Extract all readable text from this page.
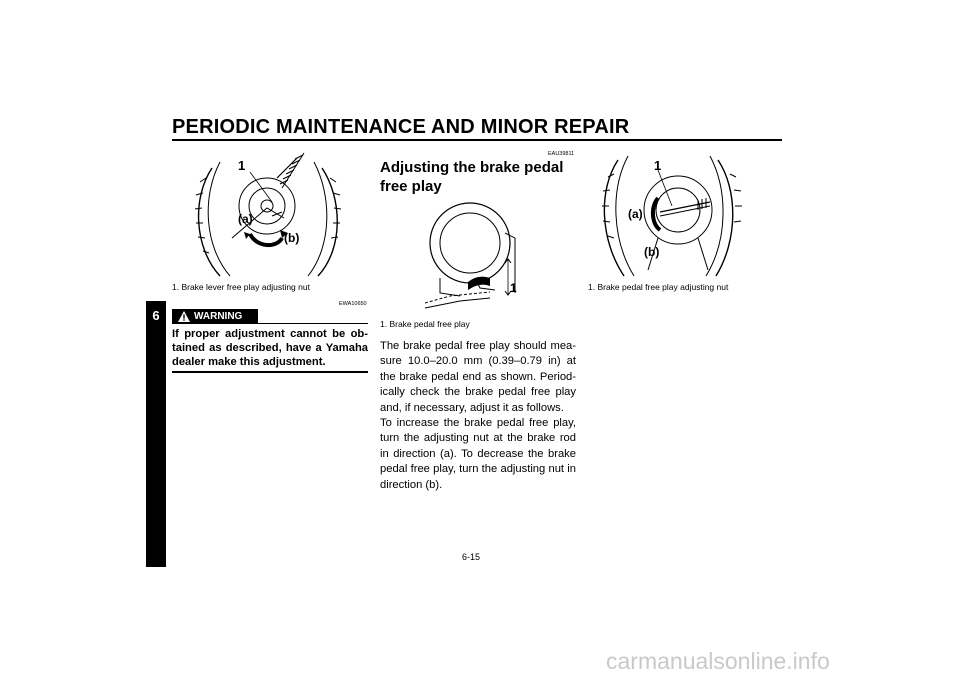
PERIODIC MAINTENANCE AND MINOR REPAIR
6
1
(a)
(b)
1. Brake lever free play adjusting nut
EWA10650
WARNING
If proper adjustment cannot be ob-tained as described, have a Yamaha dealer make this adjustment.
EAU39811
Adjusting the brake pedal free play
1
1. Brake pedal free play

The brake pedal free play should mea-sure 10.0–20.0 mm (0.39–0.79 in) at the brake pedal end as shown. Period-ically check the brake pedal free play and, if necessary, adjust it as follows.

To increase the brake pedal free play, turn the adjusting nut at the brake rod in direction (a). To decrease the brake pedal free play, turn the adjusting nut in direction (b).

1
(a)
(b)
1. Brake pedal free play adjusting nut
6-15
carmanualsonline.info
